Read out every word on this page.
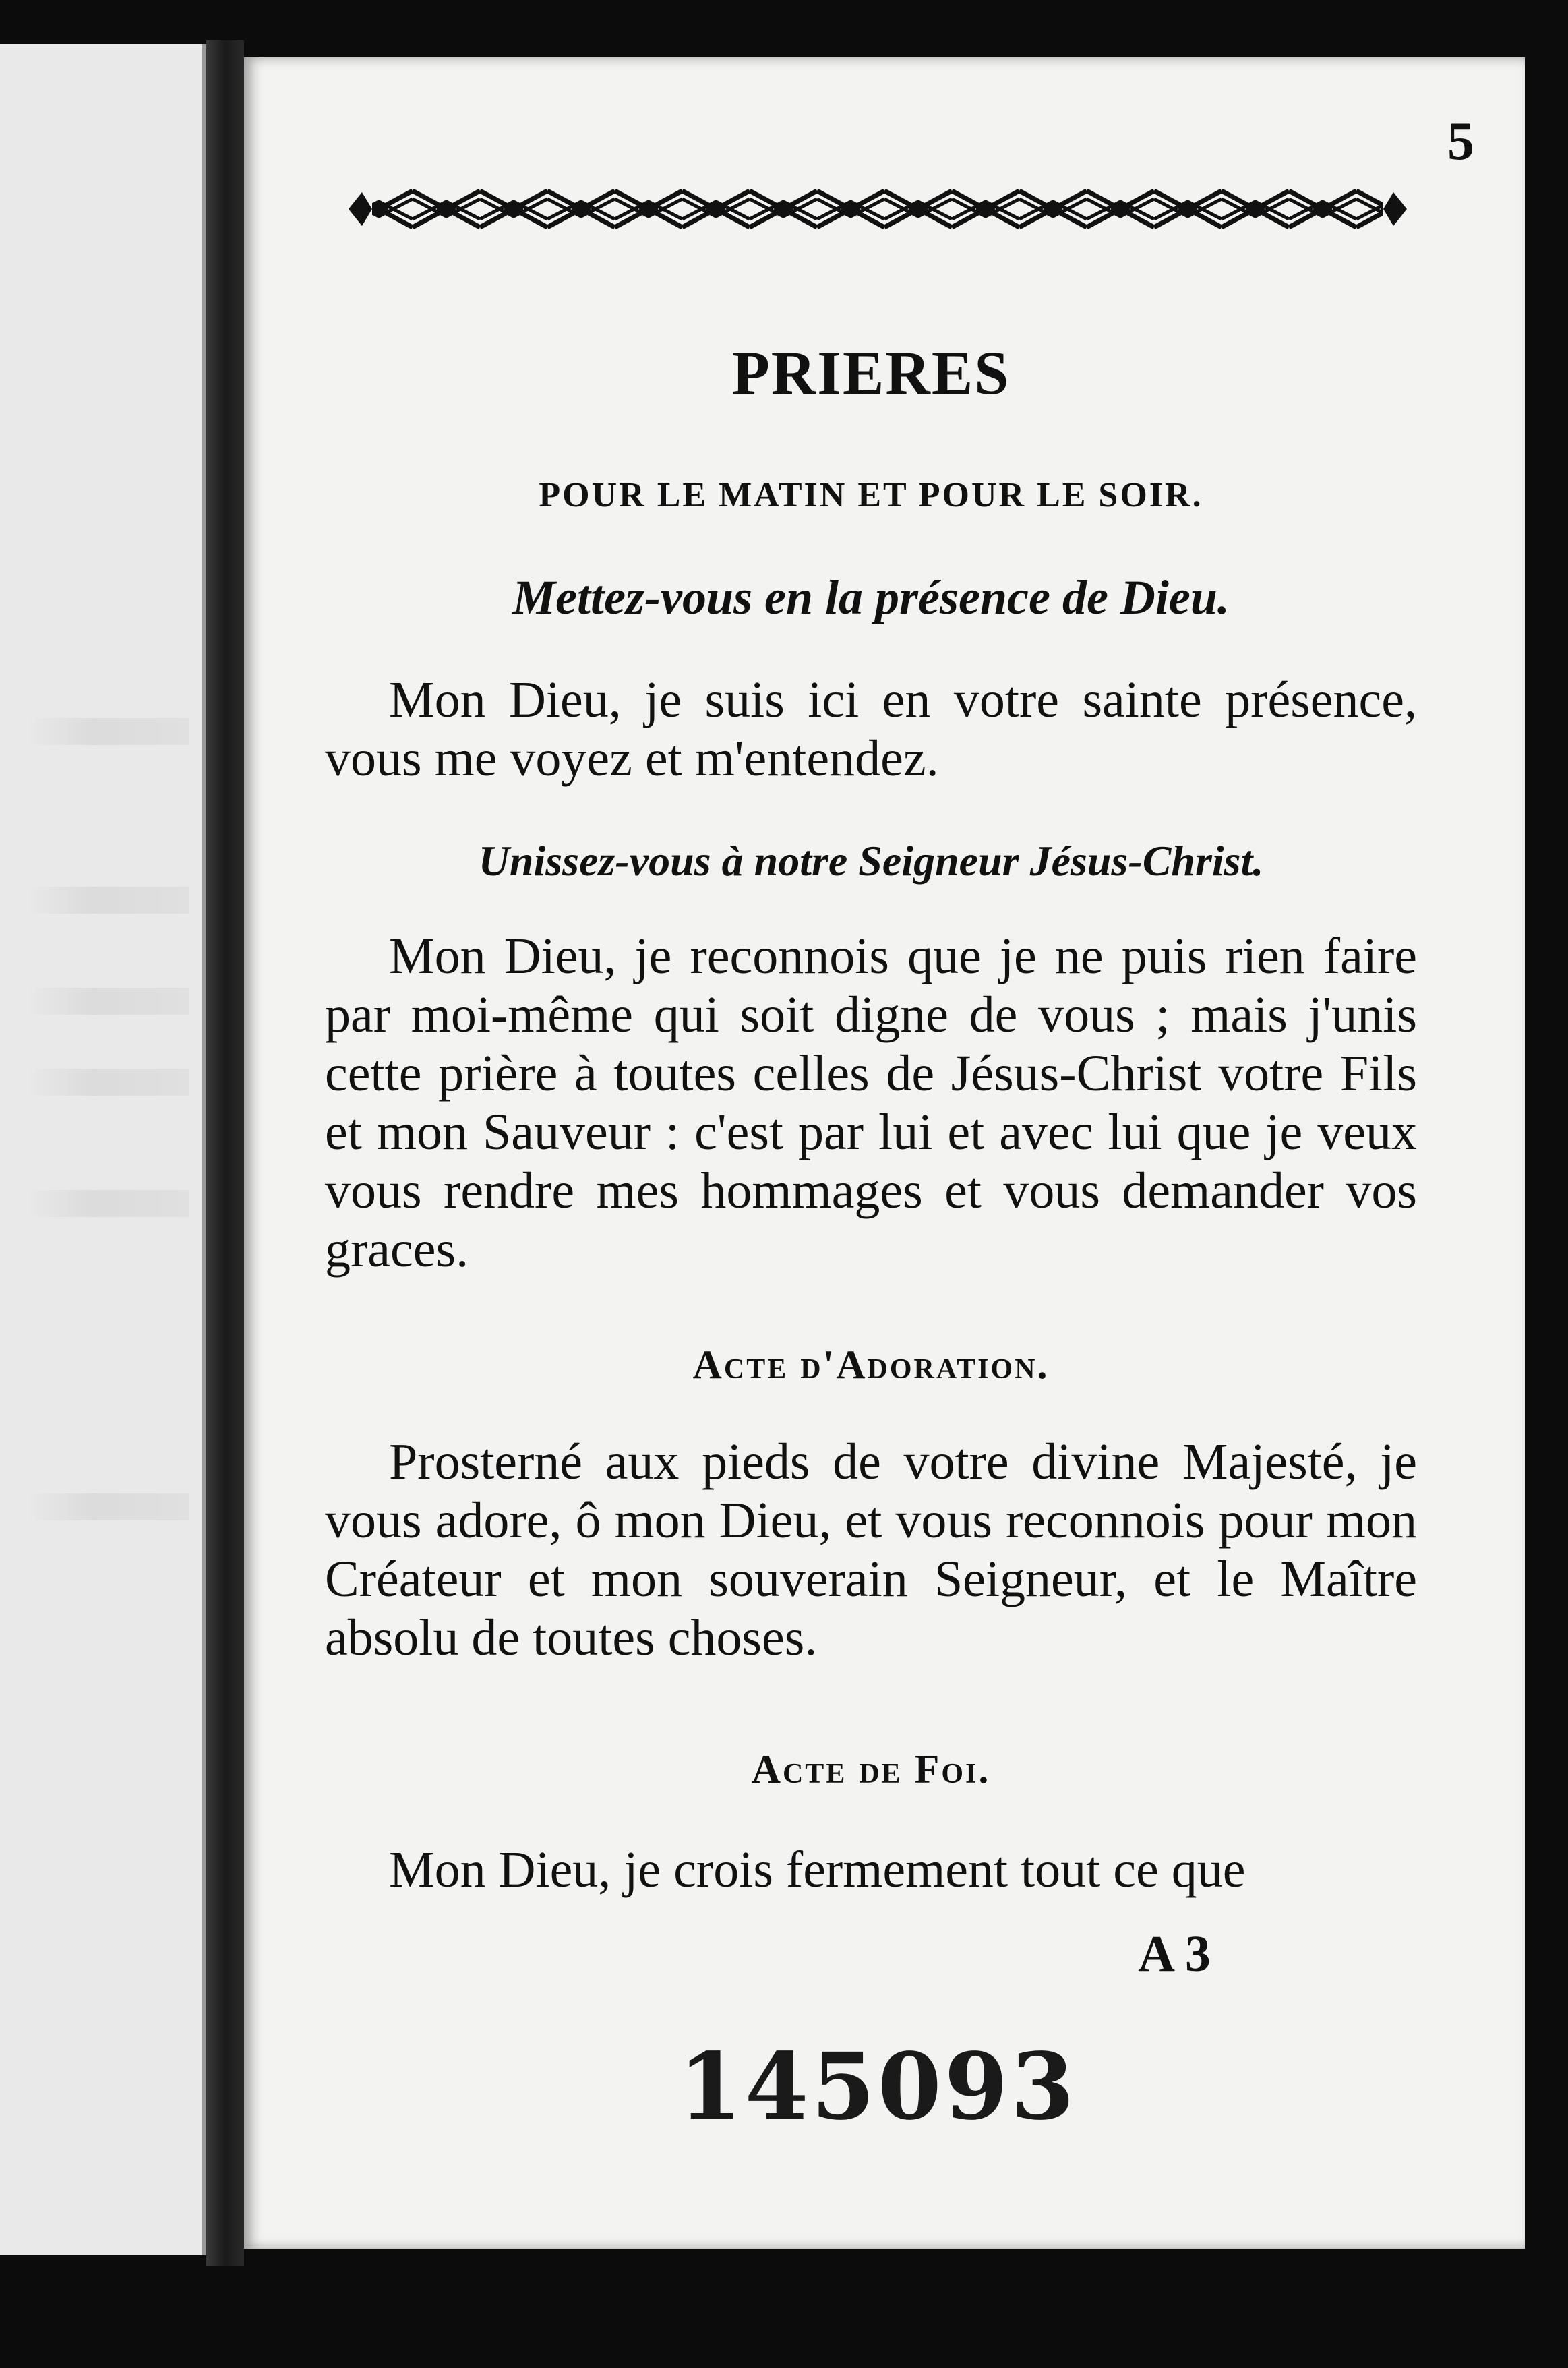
5
PRIERES
POUR LE MATIN ET POUR LE SOIR.
Mettez-vous en la présence de Dieu.
Mon Dieu, je suis ici en votre sainte présence, vous me voyez et m'entendez.
Unissez-vous à notre Seigneur Jésus-Christ.
Mon Dieu, je reconnois que je ne puis rien faire par moi-même qui soit digne de vous ; mais j'unis cette prière à toutes celles de Jésus-Christ votre Fils et mon Sauveur : c'est par lui et avec lui que je veux vous rendre mes hommages et vous demander vos graces.
Acte d'Adoration.
Prosterné aux pieds de votre divine Majesté, je vous adore, ô mon Dieu, et vous reconnois pour mon Créateur et mon souverain Seigneur, et le Maître absolu de toutes choses.
Acte de Foi.
Mon Dieu, je crois fermement tout ce que
A 3
145093
